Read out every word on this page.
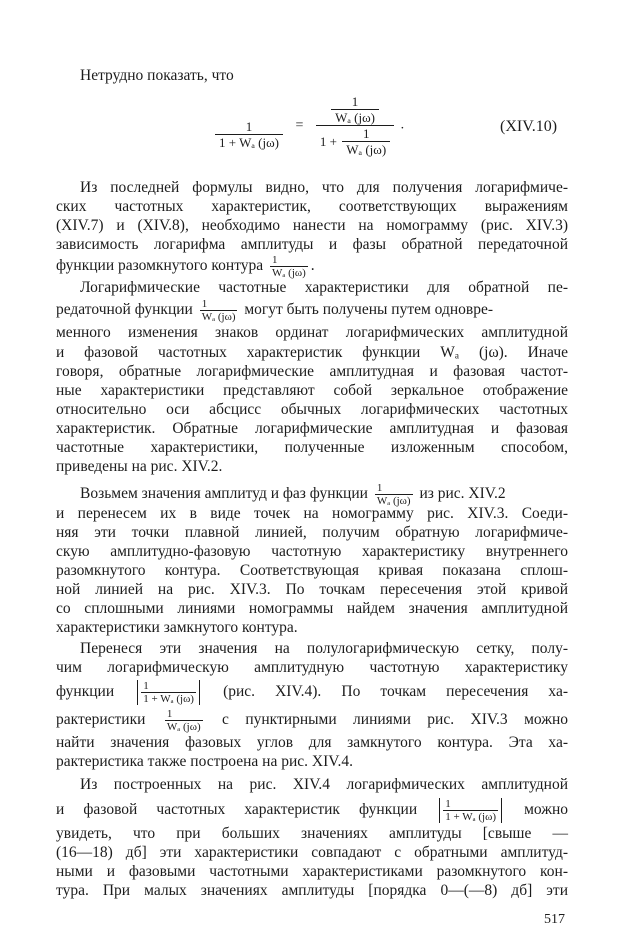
Нетрудно показать, что
$\frac{1}{\text{1 + Wₐ (jω)}} = \frac{\frac{1}{\text{Wₐ (jω)}}}{1 + \frac{1}{\text{Wₐ (jω)}}}$ .	(XIV.10)
Из последней формулы видно, что для получения логарифмиче-
ских частотных характеристик, соответствующих выражениям
(XIV.7) и (XIV.8), необходимо нанести на номограмму (рис. XIV.3)
зависимость логарифма амплитуды и фазы обратной передаточной
функции разомкнутого контура $\frac{1}{\text{Wₐ (jω)}}$ .
Логарифмические частотные характеристики для обратной пе-
редаточной функции $\frac{1}{\text{Wₐ (jω)}}$ могут быть получены путем одновре-
менного изменения знаков ординат логарифмических амплитудной
и фазовой частотных характеристик функции Wₐ (jω). Иначе
говоря, обратные логарифмические амплитудная и фазовая частот-
ные характеристики представляют собой зеркальное отображение
относительно оси абсцисс обычных логарифмических частотных
характеристик. Обратные логарифмические амплитудная и фазовая
частотные характеристики, полученные изложенным способом,
приведены на рис. XIV.2.
Возьмем значения амплитуд и фаз функции $\frac{1}{\text{Wₐ (jω)}}$ из рис. XIV.2
и перенесем их в виде точек на номограмму рис. XIV.3. Соеди-
няя эти точки плавной линией, получим обратную логарифмиче-
скую амплитудно-фазовую частотную характеристику внутреннего
разомкнутого контура. Соответствующая кривая показана сплош-
ной линией на рис. XIV.3. По точкам пересечения этой кривой
со сплошными линиями номограммы найдем значения амплитудной
характеристики замкнутого контура.
Перенеся эти значения на полулогарифмическую сетку, полу-
чим логарифмическую амплитудную частотную характеристику
функции $\frac{1}{\text{1 + Wₐ (jω)}} (рис$. XIV.4). По точкам пересечения ха-
рактеристики $\frac{1}{\text{Wₐ (jω)}}$ с пунктирными линиями рис. XIV.3 можно
найти значения фазовых углов для замкнутого контура. Эта ха-
рактеристика также построена на рис. XIV.4.
Из построенных на рис. XIV.4 логарифмических амплитудной
и фазовой частотных характеристик функции $\frac{1}{\text{1 + Wₐ (jω)}}$ можно
увидеть, что при больших значениях амплитуды [свыше —
(16—18) дб] эти характеристики совпадают с обратными амплитуд-
ными и фазовыми частотными характеристиками разомкнутого кон-
тура. При малых значениях амплитуды [порядка 0—(—8) дб] эти
517
